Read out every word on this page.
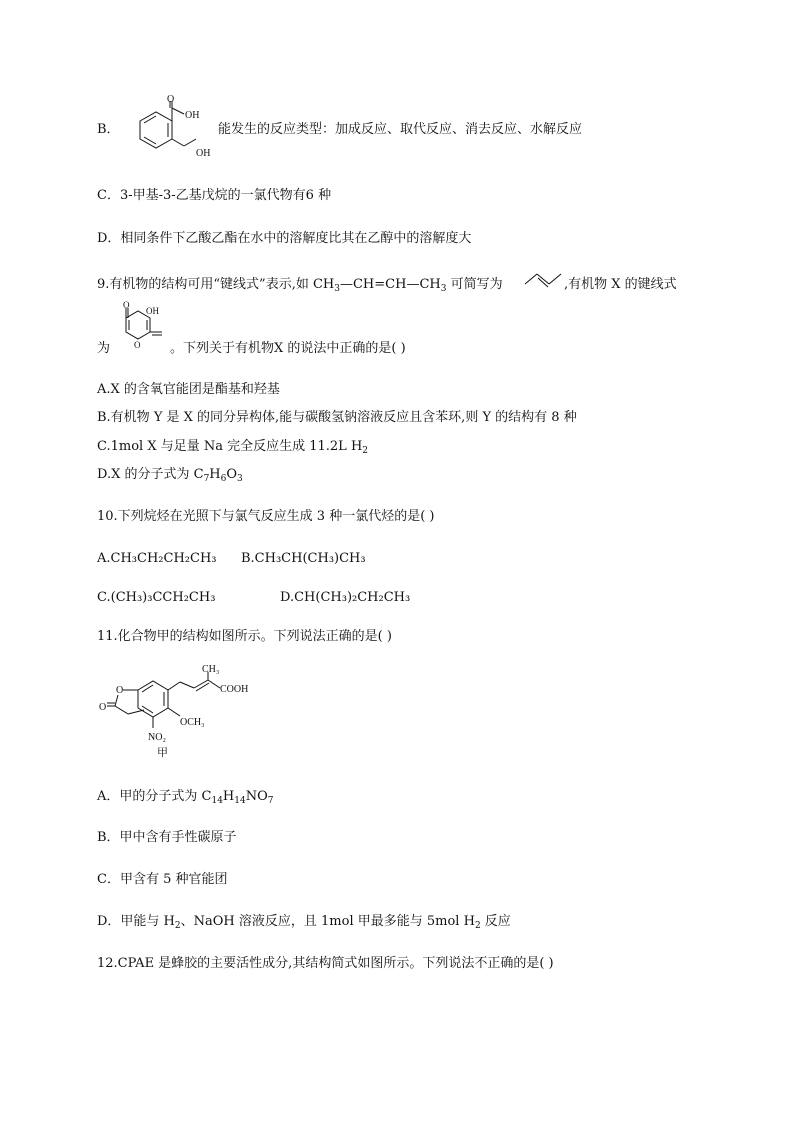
O
OH
OH
B．	能发生的反应类型：加成反应、取代反应、消去反应、水解反应
C．3-甲基-3-乙基戊烷的一氯代物有6 种
D．相同条件下乙酸乙酯在水中的溶解度比其在乙醇中的溶解度大
9.有机物的结构可用“键线式”表示,如 $CH_3—CH=CH—CH_3$ 可简写为	,有机物 X 的键线式
O
OH
O
为	。下列关于有机物X 的说法中正确的是( )
A.X 的含氧官能团是酯基和羟基
B.有机物 Y 是 X 的同分异构体,能与碳酸氢钠溶液反应且含苯环,则 Y 的结构有 8 种
C.1mol X 与足量 Na 完全反应生成 11.2L $H_2$
D.X 的分子式为 $C_7H_6O_3$
10.下列烷烃在光照下与氯气反应生成 3 种一氯代烃的是( )
A.CH₃CH₂CH₂CH₃ B.CH₃CH(CH₃)CH₃
C.(CH₃)₃CCH₂CH₃	D.CH(CH₃)₂CH₂CH₃
11.化合物甲的结构如图所示。下列说法正确的是( )
O
O
CH₃
COOH
OCH₃
NO₂
甲
A．甲的分子式为 $C_{14}H_{14}NO_7$
B．甲中含有手性碳原子
C．甲含有 5 种官能团
D．甲能与 $H_2$、NaOH 溶液反应，且 1mol 甲最多能与 5mol $H_2$ 反应
12.CPAE 是蜂胶的主要活性成分,其结构简式如图所示。下列说法不正确的是( )
